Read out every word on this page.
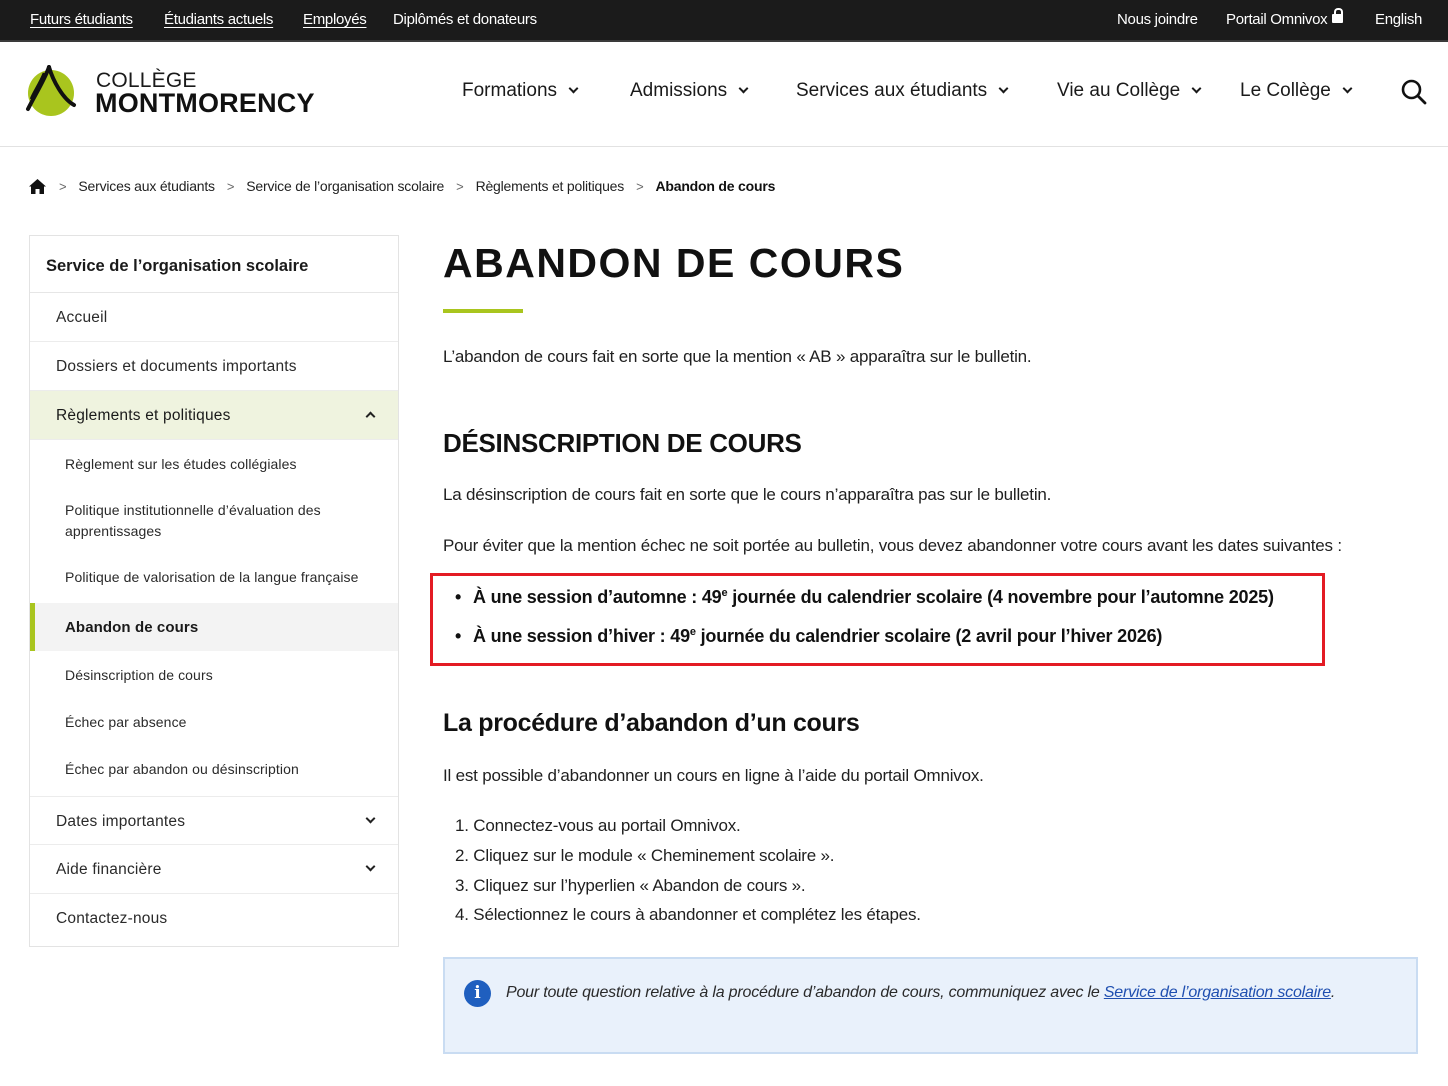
Futurs étudiants Étudiants actuels Employés Diplômés et donateurs	Nous joindre Portail Omnivox	English
COLLÈGE
MONTMORENCY	Formations	Admissions	Services aux étudiants	Vie au Collège	Le Collège
> Services aux étudiants > Service de l’organisation scolaire > Règlements et politiques > Abandon de cours
Service de l’organisation scolaire
Accueil
Dossiers et documents importants
Règlements et politiques
Règlement sur les études collégiales
Politique institutionnelle d’évaluation des apprentissages
Politique de valorisation de la langue française
Abandon de cours
Désinscription de cours
Échec par absence
Échec par abandon ou désinscription
Dates importantes
Aide financière
Contactez-nous
ABANDON DE COURS

L’abandon de cours fait en sorte que la mention « AB » apparaîtra sur le bulletin.

DÉSINSCRIPTION DE COURS

La désinscription de cours fait en sorte que le cours n’apparaîtra pas sur le bulletin.

Pour éviter que la mention échec ne soit portée au bulletin, vous devez abandonner votre cours avant les dates suivantes :

• À une session d’automne : 49e journée du calendrier scolaire (4 novembre pour l’automne 2025)
• À une session d’hiver : 49e journée du calendrier scolaire (2 avril pour l’hiver 2026)
La procédure d’abandon d’un cours

Il est possible d’abandonner un cours en ligne à l’aide du portail Omnivox.

1. Connectez-vous au portail Omnivox.
2. Cliquez sur le module « Cheminement scolaire ».
3. Cliquez sur l’hyperlien « Abandon de cours ».
4. Sélectionnez le cours à abandonner et complétez les étapes.
i	Pour toute question relative à la procédure d’abandon de cours, communiquez avec le Service de l’organisation scolaire.
